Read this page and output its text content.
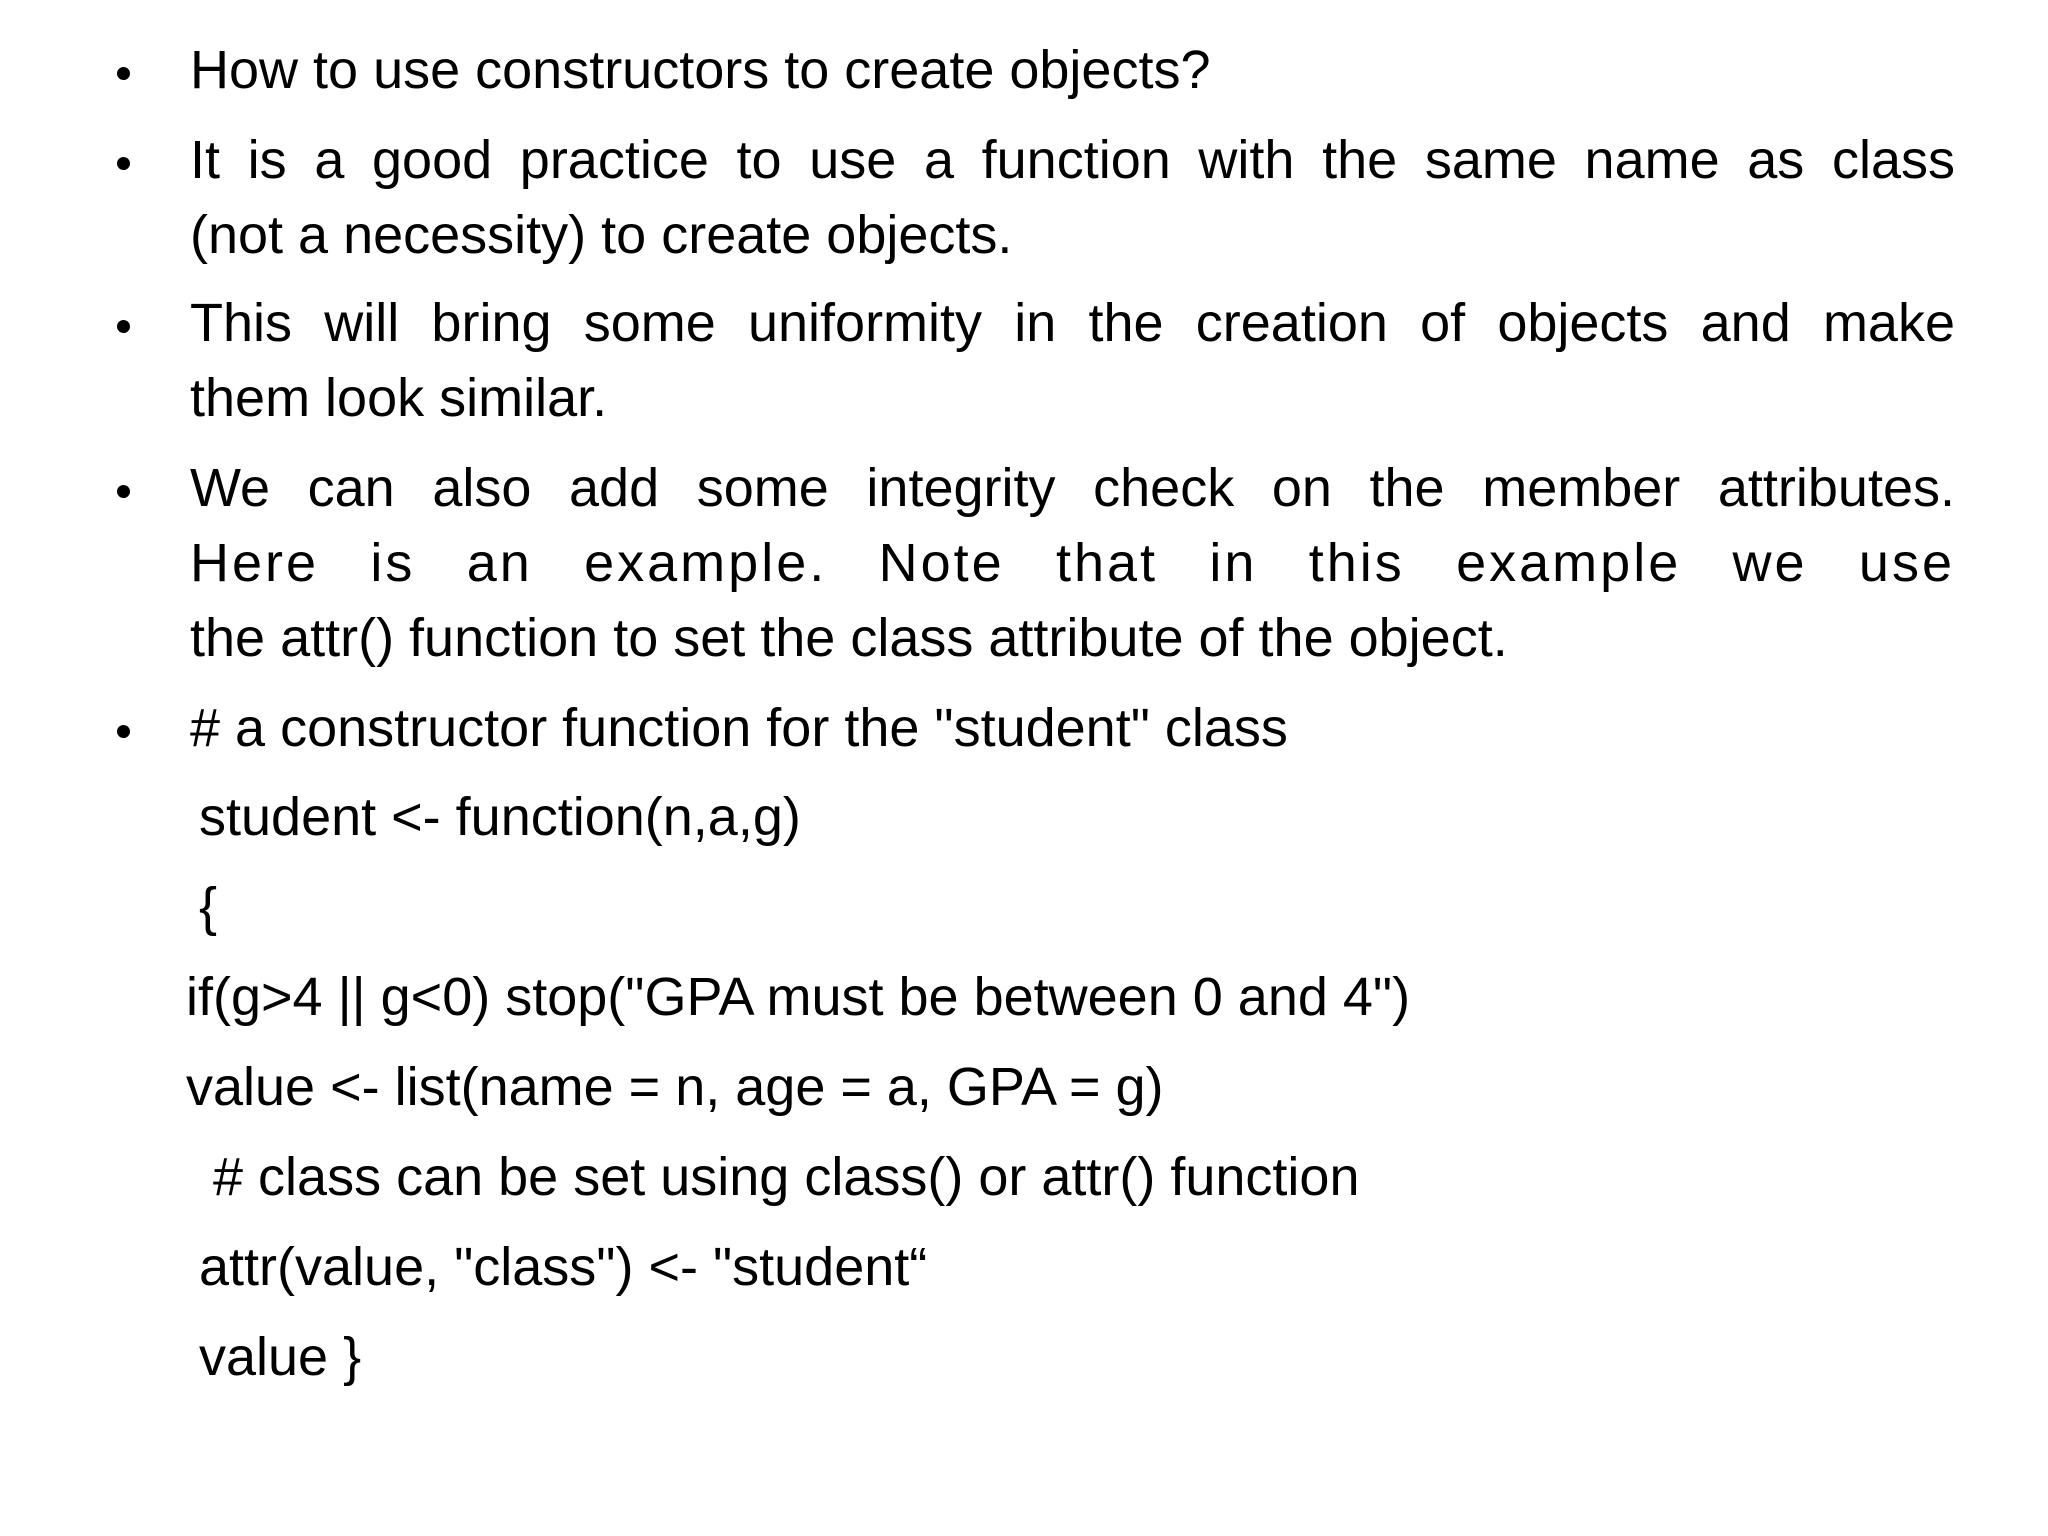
How to use constructors to create objects?
It is a good practice to use a function with the same name as class
(not a necessity) to create objects.
This will bring some uniformity in the creation of objects and make
them look similar.
We can also add some integrity check on the member attributes.
Here is an example. Note that in this example we use
the attr() function to set the class attribute of the object.
# a constructor function for the "student" class
student <- function(n,a,g)
{
if(g>4 || g<0) stop("GPA must be between 0 and 4")
value <- list(name = n, age = a, GPA = g)
# class can be set using class() or attr() function
attr(value, "class") <- "student“
value }
